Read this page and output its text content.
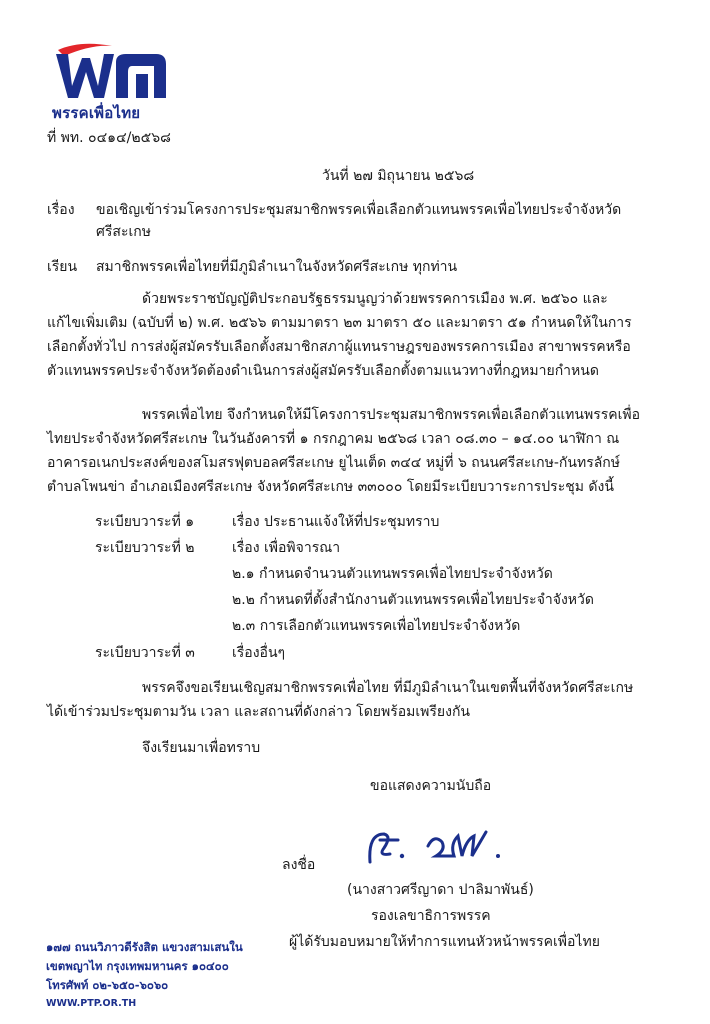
พรรคเพื่อไทย
ที่ พท. ๐๔๑๔/๒๕๖๘
วันที่ ๒๗ มิถุนายน ๒๕๖๘
เรื่อง ขอเชิญเข้าร่วมโครงการประชุมสมาชิกพรรคเพื่อเลือกตัวแทนพรรคเพื่อไทยประจำจังหวัด
ศรีสะเกษ
เรียน สมาชิกพรรคเพื่อไทยที่มีภูมิลำเนาในจังหวัดศรีสะเกษ ทุกท่าน
ด้วยพระราชบัญญัติประกอบรัฐธรรมนูญว่าด้วยพรรคการเมือง พ.ศ. ๒๕๖๐ และ
แก้ไขเพิ่มเติม (ฉบับที่ ๒) พ.ศ. ๒๕๖๖ ตามมาตรา ๒๓ มาตรา ๕๐ และมาตรา ๕๑ กำหนดให้ในการ
เลือกตั้งทั่วไป การส่งผู้สมัครรับเลือกตั้งสมาชิกสภาผู้แทนราษฎรของพรรคการเมือง สาขาพรรคหรือ
ตัวแทนพรรคประจำจังหวัดต้องดำเนินการส่งผู้สมัครรับเลือกตั้งตามแนวทางที่กฎหมายกำหนด
พรรคเพื่อไทย จึงกำหนดให้มีโครงการประชุมสมาชิกพรรคเพื่อเลือกตัวแทนพรรคเพื่อ
ไทยประจำจังหวัดศรีสะเกษ ในวันอังคารที่ ๑ กรกฎาคม ๒๕๖๘ เวลา ๐๘.๓๐ – ๑๔.๐๐ นาฬิกา ณ
อาคารอเนกประสงค์ของสโมสรฟุตบอลศรีสะเกษ ยูไนเต็ด ๓๔๔ หมู่ที่ ๖ ถนนศรีสะเกษ-กันทรลักษ์
ตำบลโพนข่า อำเภอเมืองศรีสะเกษ จังหวัดศรีสะเกษ ๓๓๐๐๐ โดยมีระเบียบวาระการประชุม ดังนี้
ระเบียบวาระที่ ๑	เรื่อง ประธานแจ้งให้ที่ประชุมทราบ
ระเบียบวาระที่ ๒	เรื่อง เพื่อพิจารณา
๒.๑ กำหนดจำนวนตัวแทนพรรคเพื่อไทยประจำจังหวัด
๒.๒ กำหนดที่ตั้งสำนักงานตัวแทนพรรคเพื่อไทยประจำจังหวัด
๒.๓ การเลือกตัวแทนพรรคเพื่อไทยประจำจังหวัด
ระเบียบวาระที่ ๓	เรื่องอื่นๆ
พรรคจึงขอเรียนเชิญสมาชิกพรรคเพื่อไทย ที่มีภูมิลำเนาในเขตพื้นที่จังหวัดศรีสะเกษ
ได้เข้าร่วมประชุมตามวัน เวลา และสถานที่ดังกล่าว โดยพร้อมเพรียงกัน
จึงเรียนมาเพื่อทราบ
ขอแสดงความนับถือ
ลงชื่อ
(นางสาวศรีญาดา ปาลิมาพันธ์)
รองเลขาธิการพรรค
ผู้ได้รับมอบหมายให้ทำการแทนหัวหน้าพรรคเพื่อไทย
๑๗๗ ถนนวิภาวดีรังสิต แขวงสามเสนใน
เขตพญาไท กรุงเทพมหานคร ๑๐๔๐๐
โทรศัพท์ ๐๒-๖๕๐-๖๐๖๐
WWW.PTP.OR.TH
